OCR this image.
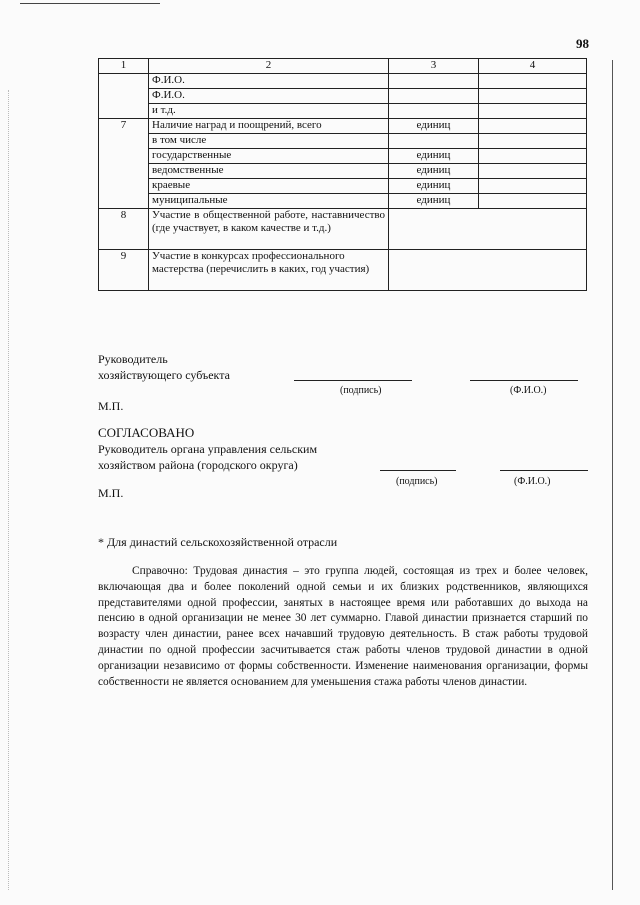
98
1	2	3	4
	Ф.И.О.		
	Ф.И.О.		
	и т.д.		
7	Наличие наград и поощрений, всего	единиц	
	в том числе		
	государственные	единиц	
	ведомственные	единиц	
	краевые	единиц	
	муниципальные	единиц	
8	Участие в общественной работе, наставничество (где участвует, в каком качестве и т.д.)		
9	Участие в конкурсах профессионального мастерства (перечислить в каких, год участия)		
Руководитель
хозяйствующего субъекта
(подпись)	(Ф.И.О.)
М.П.
СОГЛАСОВАНО
Руководитель органа управления сельским
хозяйством района (городского округа)
(подпись)	(Ф.И.О.)
М.П.
* Для династий сельскохозяйственной отрасли
Справочно: Трудовая династия – это группа людей, состоящая из трех и более человек, включающая два и более поколений одной семьи и их близких родственников, являющихся представителями одной профессии, занятых в настоящее время или работавших до выхода на пенсию в одной организации не менее 30 лет суммарно. Главой династии признается старший по возрасту член династии, ранее всех начавший трудовую деятельность. В стаж работы трудовой династии по одной профессии засчитывается стаж работы членов трудовой династии в одной организации независимо от формы собственности. Изменение наименования организации, формы собственности не является основанием для уменьшения стажа работы членов династии.
